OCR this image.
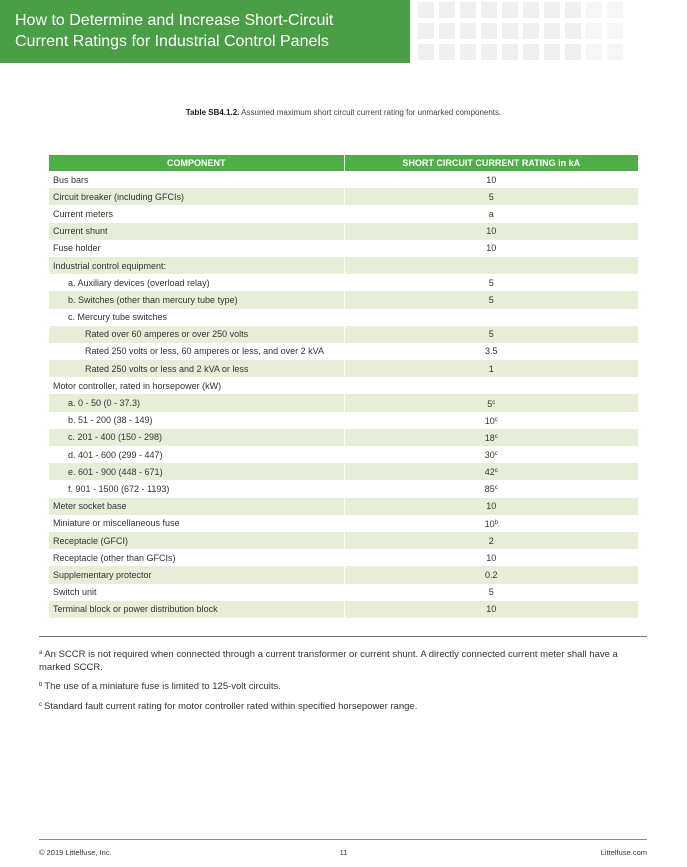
How to Determine and Increase Short-Circuit
Current Ratings for Industrial Control Panels
Table SB4.1.2. Assumed maximum short circuit current rating for unmarked components.
COMPONENT	SHORT CIRCUIT CURRENT RATING in kA
Bus bars	10
Circuit breaker (including GFCIs)	5
Current meters	a
Current shunt	10
Fuse holder	10
Industrial control equipment:	
a. Auxiliary devices (overload relay)	5
b. Switches (other than mercury tube type)	5
c. Mercury tube switches	
Rated over 60 amperes or over 250 volts	5
Rated 250 volts or less, 60 amperes or less, and over 2 kVA	3.5
Rated 250 volts or less and 2 kVA or less	1
Motor controller, rated in horsepower (kW)	
a. 0 - 50 (0 - 37.3)	5$^c$
b. 51 - 200 (38 - 149)	10$^c$
c. 201 - 400 (150 - 298)	18$^c$
d. 401 - 600 (299 - 447)	30$^c$
e. 601 - 900 (448 - 671)	42$^c$
f. 901 - 1500 (672 - 1193)	85$^c$
Meter socket base	10
Miniature or miscellaneous fuse	10$^b$
Receptacle (GFCI)	2
Receptacle (other than GFCIs)	10
Supplementary protector	0.2
Switch unit	5
Terminal block or power distribution block	10

$^a$ An SCCR is not required when connected through a current transformer or current shunt. A directly connected current meter shall have a marked SCCR.

$^b$ The use of a miniature fuse is limited to 125-volt circuits.

$^c$ Standard fault current rating for motor controller rated within specified horsepower range.

© 2019 Littelfuse, Inc.	11	Littelfuse.com
